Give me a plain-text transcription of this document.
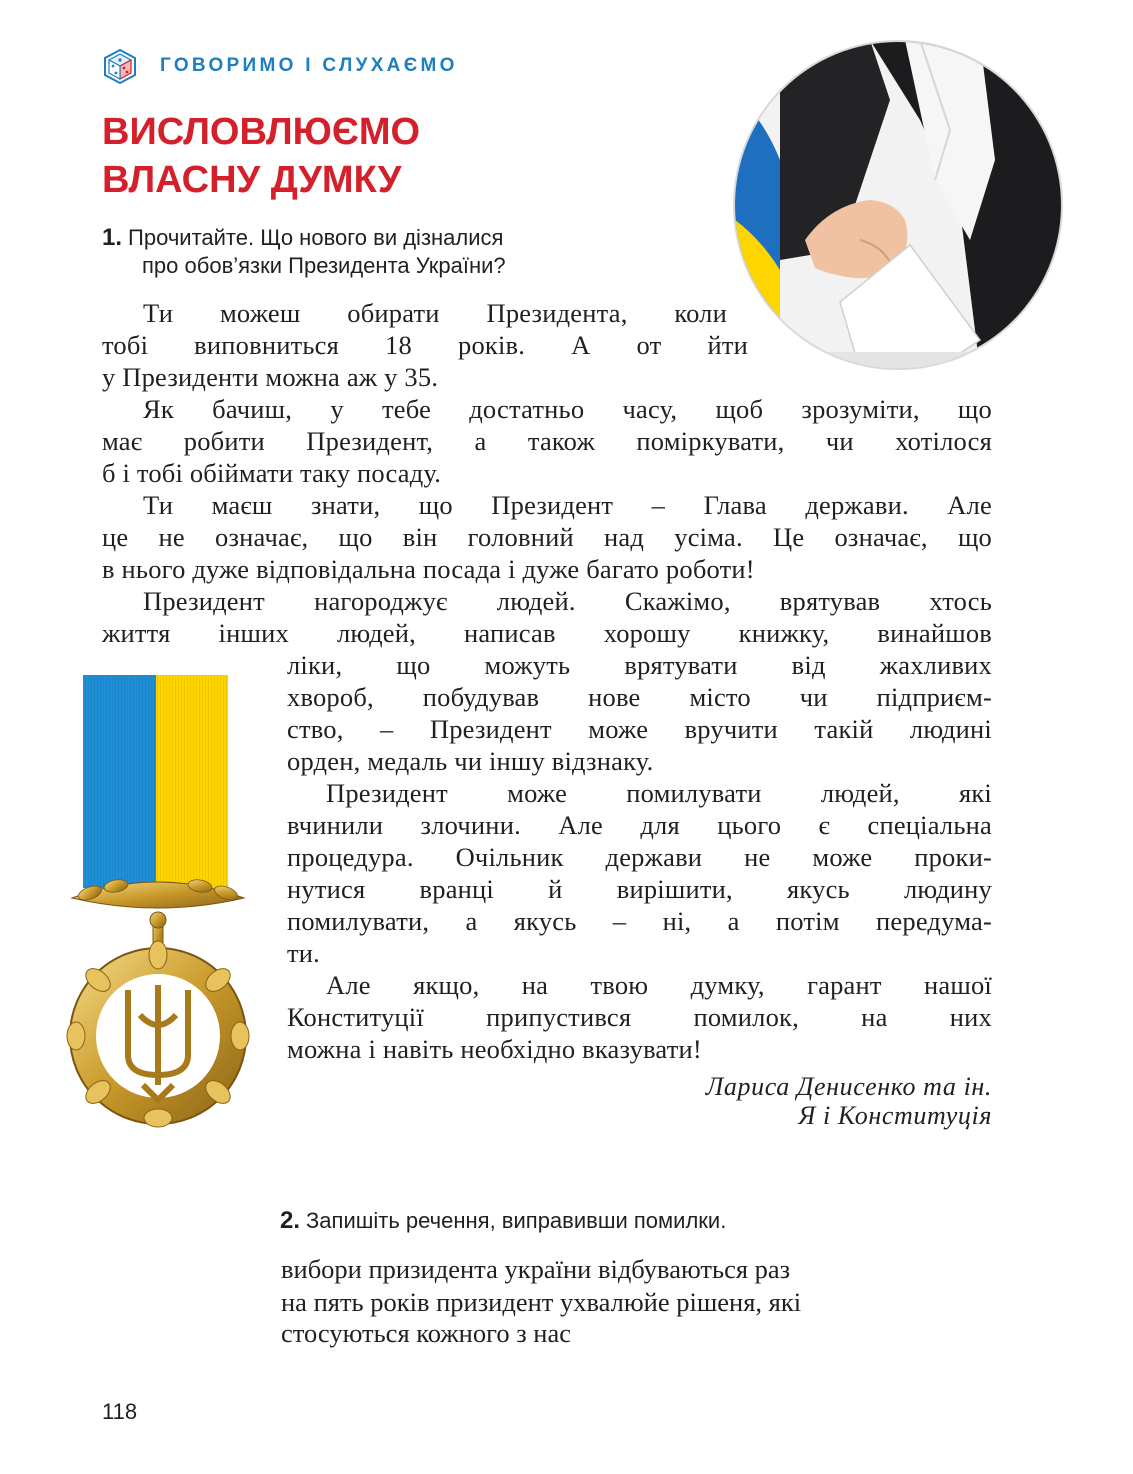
ГОВОРИМО І СЛУХАЄМО
ВИСЛОВЛЮЄМО
ВЛАСНУ ДУМКУ
1. Прочитайте. Що нового ви дізналися
про обов’язки Президента України?
Ти можеш обирати Президента, коли
тобі виповниться 18 років. А от йти
у Президенти можна аж у 35.
Як бачиш, у тебе достатньо часу, щоб зрозуміти, що
має робити Президент, а також поміркувати, чи хотілося
б і тобі обіймати таку посаду.
Ти маєш знати, що Президент – Глава держави. Але
це не означає, що він головний над усіма. Це означає, що
в нього дуже відповідальна посада і дуже багато роботи!
Президент нагороджує людей. Скажімо, врятував хтось
життя інших людей, написав хорошу книжку, винайшов
ліки, що можуть врятувати від жахливих
хвороб, побудував нове місто чи підприєм-
ство, – Президент може вручити такій людині
орден, медаль чи іншу відзнаку.
Президент може помилувати людей, які
вчинили злочини. Але для цього є спеціальна
процедура. Очільник держави не може проки-
нутися вранці й вирішити, якусь людину
помилувати, а якусь – ні, а потім передума-
ти.
Але якщо, на твою думку, гарант нашої
Конституції припустився помилок, на них
можна і навіть необхідно вказувати!
Лариса Денисенко та ін.
Я і Конституція
2. Запишіть речення, виправивши помилки.
вибори призидента україни відбуваються раз
на пять років призидент ухвалюйе рішеня, які
стосуються кожного з нас
118
